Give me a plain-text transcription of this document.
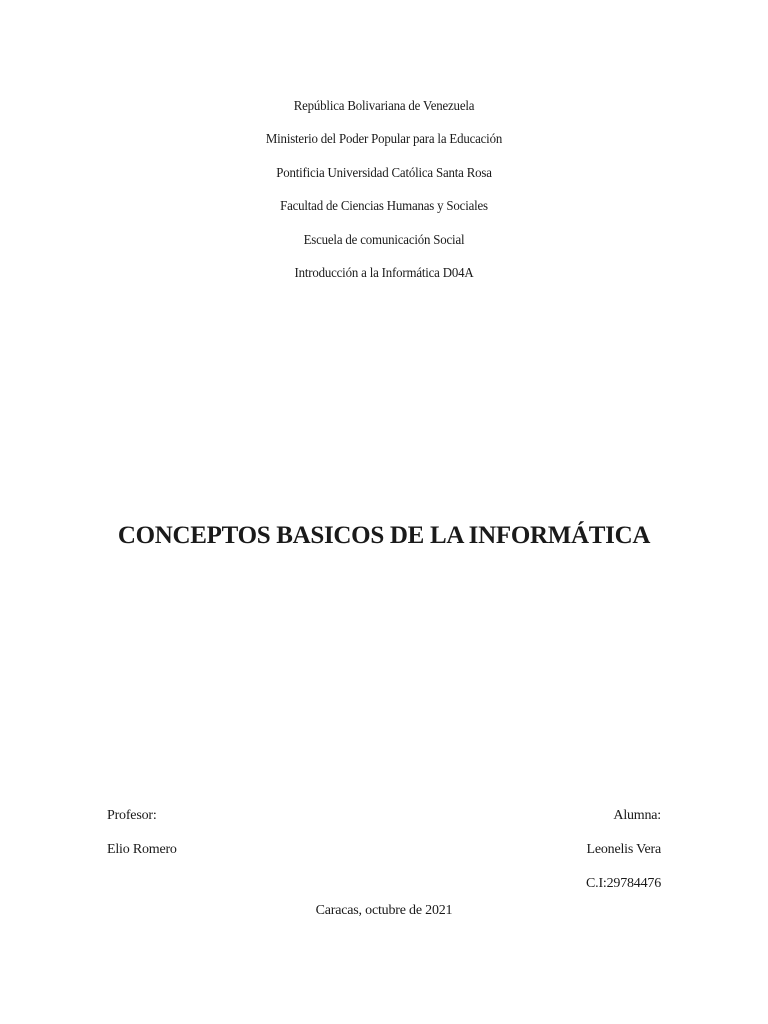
República Bolivariana de Venezuela
Ministerio del Poder Popular para la Educación
Pontificia Universidad Católica Santa Rosa
Facultad de Ciencias Humanas y Sociales
Escuela de comunicación Social
Introducción a la Informática D04A
CONCEPTOS BASICOS DE LA INFORMÁTICA
Profesor:
Elio Romero
Alumna:
Leonelis Vera
C.I:29784476
Caracas, octubre de 2021
